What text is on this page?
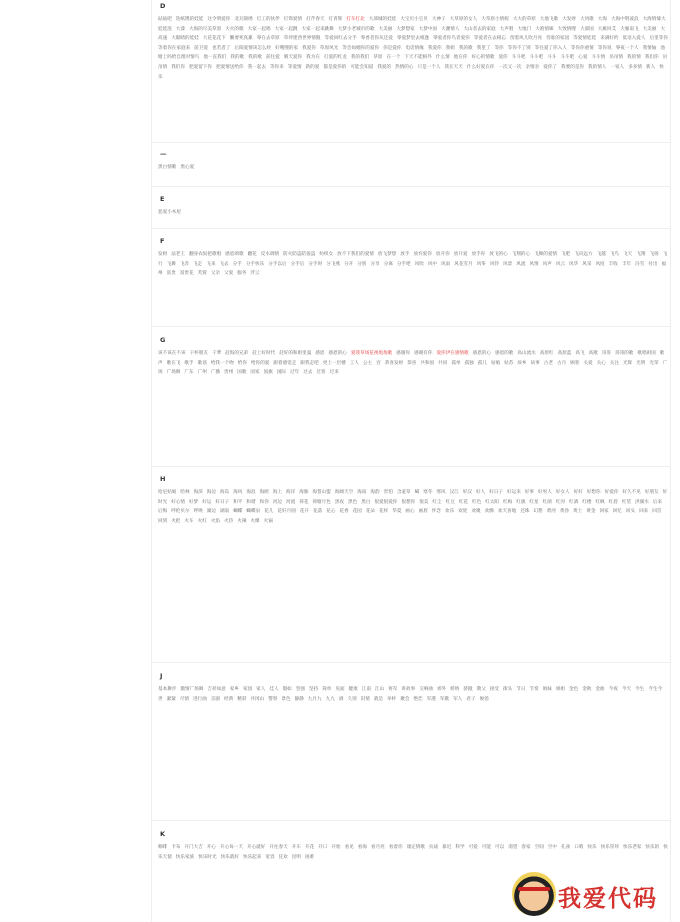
D
砧砧吧 迭纸镌的娃娃 这令明爱你 北瓦锦绣 灯工的伙伴 灯饰爱情 灯芹春天 灯青辉 打车打北 大部城的娃娃 大宝贝小宝贝 大神子 大草原的女人 大草原小情妮 大大的草原 大地飞歌 大发财 大风歌 大海 大海中荆波浪 大海情愫大娃娃洗 大漆 大海的尽美草原 大火的歌 大家一起唱 大家一起跳 大家一起来跳舞 大梦小老城市的歌 大美丽 大梦想家 大梦中国 大潮情人 大山者去的家庭 大声唱 大地门 大咱情咪 大致情嗖 大部国 大雁回艾 大雁南飞 大美丽 大高速 大眼睛的娃娃 大花花花下 懒要死真累 零在去草原 草坪建西世界情傲 等爱回红去分手 零香者你从还爱 零爱梦里去相逢 零爱者你鸟者爱你 等爱者在去相忘 傍着风儿吹月亮 待谁的家园 等爱情娃娃 来满好约 低语入爱人 后里等你等着你在家庭来 前卫爱 也若者了 后阳爱情该怎么经 好嗖嗖的家 我爱你 草原风光 等会如她你的爱你 你是爱你 电话情缘 我爱你 我姐 我的歌 我里了 等你 等你不了别 等往爱了你入人 等你你重情 等你说 零夜一个人 我情愉 池塘上吗给自理对情鸟 他一直我们 我的歌 我的歌 前往爱 晴天爱你 我为在 打爱的红龙 我的我们 草原 在一个 下天不能相外 什么情 他在你 好心的情歌 爱你 斗斗吧 斗斗吧 斗斗 斗斗吧 心爱 斗斗情 吊吊情 我的情 我们你 吊吊情 我们你 把爱留下你 把爱情送给你 我一起去 等你来 等爱情 新的爱 都是爱你的 可能会知道 我爱的 热情的心 只是一个人 我在天天 什么好爱在你 一次又一次 亲情亲 爱你了 我要的是你 我的情人 一家人 多多情 新人 快乐
—
黑白情歌 黑心爱
E
恶爱小木屋
F
发财 法老王 翻身农奴把歌唱 感恩颂歌 翻花 反水调情 防火防盗防狼盗 纺织女 放不下我们的爱情 放飞梦想 放手 放弃爱你 放开你 放开爱 放手你 放飞的心 飞翔的心 飞舞的爱情 飞吧 飞向远方 飞越 飞鸟 飞天 飞翔 飞扬 飞行 飞舞 飞奔 飞走 飞来 飞去 分手 分手快乐 分手以后 分手后 分手时 分飞燕 分开 分别 分享 分离 分手吧 风吹 风中 风雨 风花雪月 风筝 风铃 风景 风流 风情 风声 风云 风华 风采 风度 丰收 丰年 冯雪 付出 福州 富贵 富贵花 芙蓉 父亲 父爱 服务 浮云
G
该不该在不该 干杯朋友 干爹 赶海的兄弟 赶上好时代 赶好的和姐里曼 感恩 感恩的心 爱我草场花视炮炮歌 感谢你 感谢有你 爱你伊在感情歌 感恩的心 感恩的歌 高山流水 高原红 高原蓝 高飞 高歌 哥哥 哥哥的歌 歌唱祖国 歌声 歌在飞 歌手 歌谣 给我一个吻 给你 给你的爱 跟着感觉走 跟我走吧 更上一层楼 工人 公主 宫 恭喜发财 恭喜 共和国 共同 孤单 孤独 孤儿 姑娘 姑苏 故乡 故事 古老 古月 顾客 关爱 关心 关注 光辉 光明 光荣 广场 广场舞 广东 广州 广播 贵州 国歌 国家 国旗 国际 过年 过去 过客 过来
H
哈尼姑娘 哈林 海滨 海边 海岛 海风 海浪 海鸥 海上 海洋 海豚 海誓山盟 海阔天空 海南 海韵 害怕 含羞草 喊 寒冬 寒风 汉江 好汉 好人 好日子 好运来 好事 好男人 好女人 好好 好想你 好爱你 好久不见 好朋友 好时光 好心情 好梦 好运 好日子 和平 和谐 和你 河边 河流 荷花 荷塘月色 黑夜 黑色 黑白 很爱很爱你 很想你 很美 红尘 红豆 红花 红色 红太阳 红梅 红旗 红星 红颜 红河 红酒 红楼 红枫 红唇 红装 洪湖水 后来后悔 呼伦贝尔 呼唤 湖边 湖南 蝴蝶 蝴蝶泉 花儿 花好月圆 花开 花落 花心 花香 花园 花朵 花样 华夏 画心 画眉 怀念 欢乐 欢迎 欢聚 欢腾 欢天喜地 还珠 幻想 黄河 黄昏 黄土 黄金 回家 回忆 回头 回来 回首回到 火把 火车 火红 火焰 火热 火辣 火爆 火锅
J
基本舞步 激情广场舞 吉祥如意 家乡 家园 家人 佳人 假如 坚强 坚持 简单 见面 健康 江南 江山 将军 讲故事 交响曲 郊外 娇娇 骄傲 教父 接受 街头 节日 节奏 姐妹 姐姐 金色 金秋 金曲 今夜 今天 今生 今生今世 紧紧 尽情 进行曲 京剧 经典 精彩 井冈山 警察 景色 静静 九月九 九九 酒 久别 旧情 就是 举杯 聚会 绝恋 军港 军歌 军人 君子 俊俏
K
咖啡 卡布 开门大吉 开心 开心每一天 开心就好 开往春天 开车 开花 开口 开始 看见 看海 看月亮 看着你 康定情歌 抗战 靠近 科学 可爱 可能 可以 渴望 客家 空间 空中 孔雀 口哨 快乐 快乐崇拜 快乐老家 快乐的 快乐天使 快乐家族 快乐时光 快乐就好 快乐起来 宽容 狂欢 昆明 困难
我爱代码
